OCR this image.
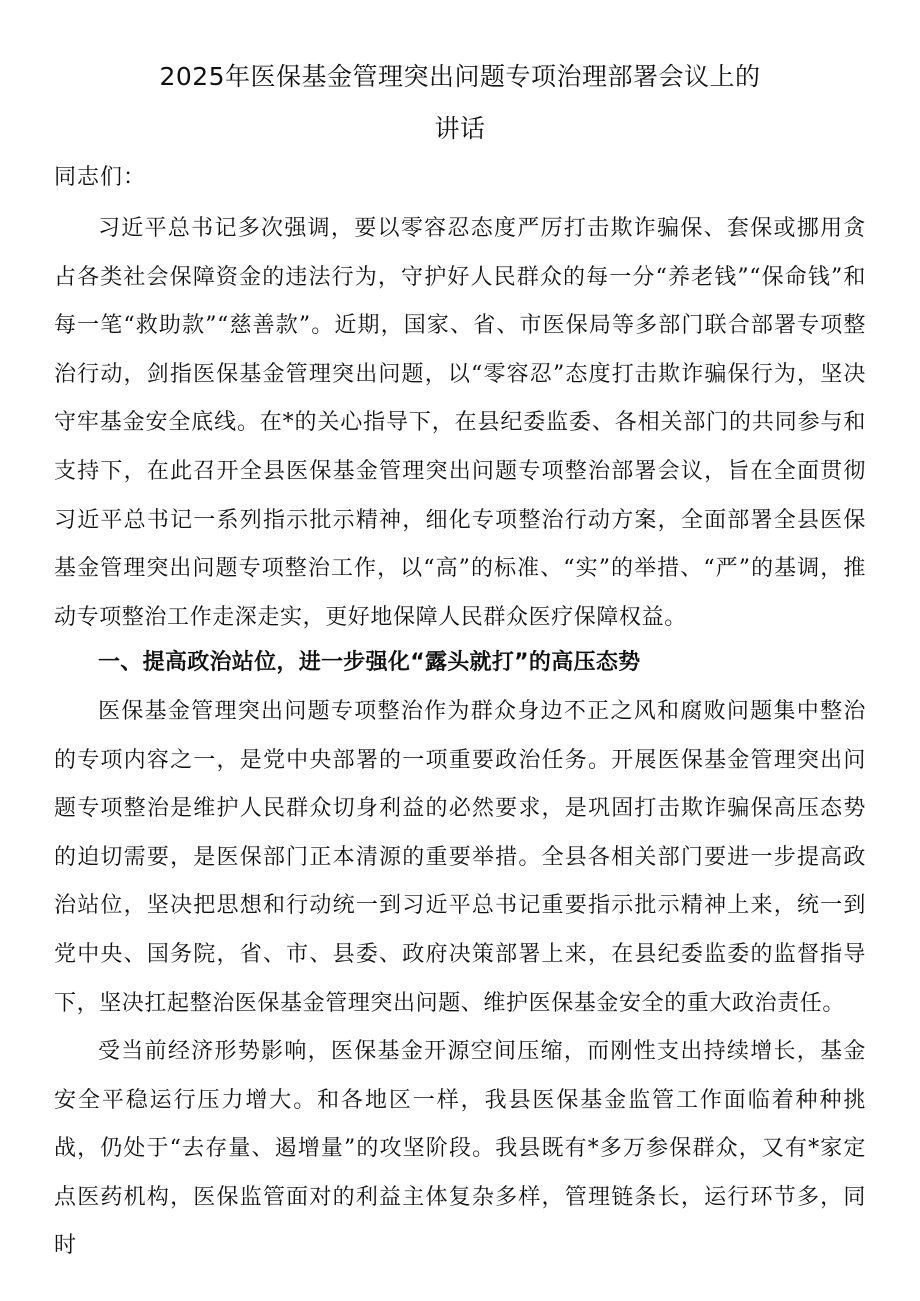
2025年医保基金管理突出问题专项治理部署会议上的
讲话

同志们：

习近平总书记多次强调，要以零容忍态度严厉打击欺诈骗保、套保或挪用贪占各类社会保障资金的违法行为，守护好人民群众的每一分“养老钱”“保命钱”和每一笔“救助款”“慈善款”。近期，国家、省、市医保局等多部门联合部署专项整治行动，剑指医保基金管理突出问题，以“零容忍”态度打击欺诈骗保行为，坚决守牢基金安全底线。在*的关心指导下，在县纪委监委、各相关部门的共同参与和支持下，在此召开全县医保基金管理突出问题专项整治部署会议，旨在全面贯彻习近平总书记一系列指示批示精神，细化专项整治行动方案，全面部署全县医保基金管理突出问题专项整治工作，以“高”的标准、“实”的举措、“严”的基调，推动专项整治工作走深走实，更好地保障人民群众医疗保障权益。

一、提高政治站位，进一步强化“露头就打”的高压态势

医保基金管理突出问题专项整治作为群众身边不正之风和腐败问题集中整治的专项内容之一，是党中央部署的一项重要政治任务。开展医保基金管理突出问题专项整治是维护人民群众切身利益的必然要求，是巩固打击欺诈骗保高压态势的迫切需要，是医保部门正本清源的重要举措。全县各相关部门要进一步提高政治站位，坚决把思想和行动统一到习近平总书记重要指示批示精神上来，统一到党中央、国务院，省、市、县委、政府决策部署上来，在县纪委监委的监督指导下，坚决扛起整治医保基金管理突出问题、维护医保基金安全的重大政治责任。

受当前经济形势影响，医保基金开源空间压缩，而刚性支出持续增长，基金安全平稳运行压力增大。和各地区一样，我县医保基金监管工作面临着种种挑战，仍处于“去存量、遏增量”的攻坚阶段。我县既有*多万参保群众，又有*家定点医药机构，医保监管面对的利益主体复杂多样，管理链条长，运行环节多，同时
